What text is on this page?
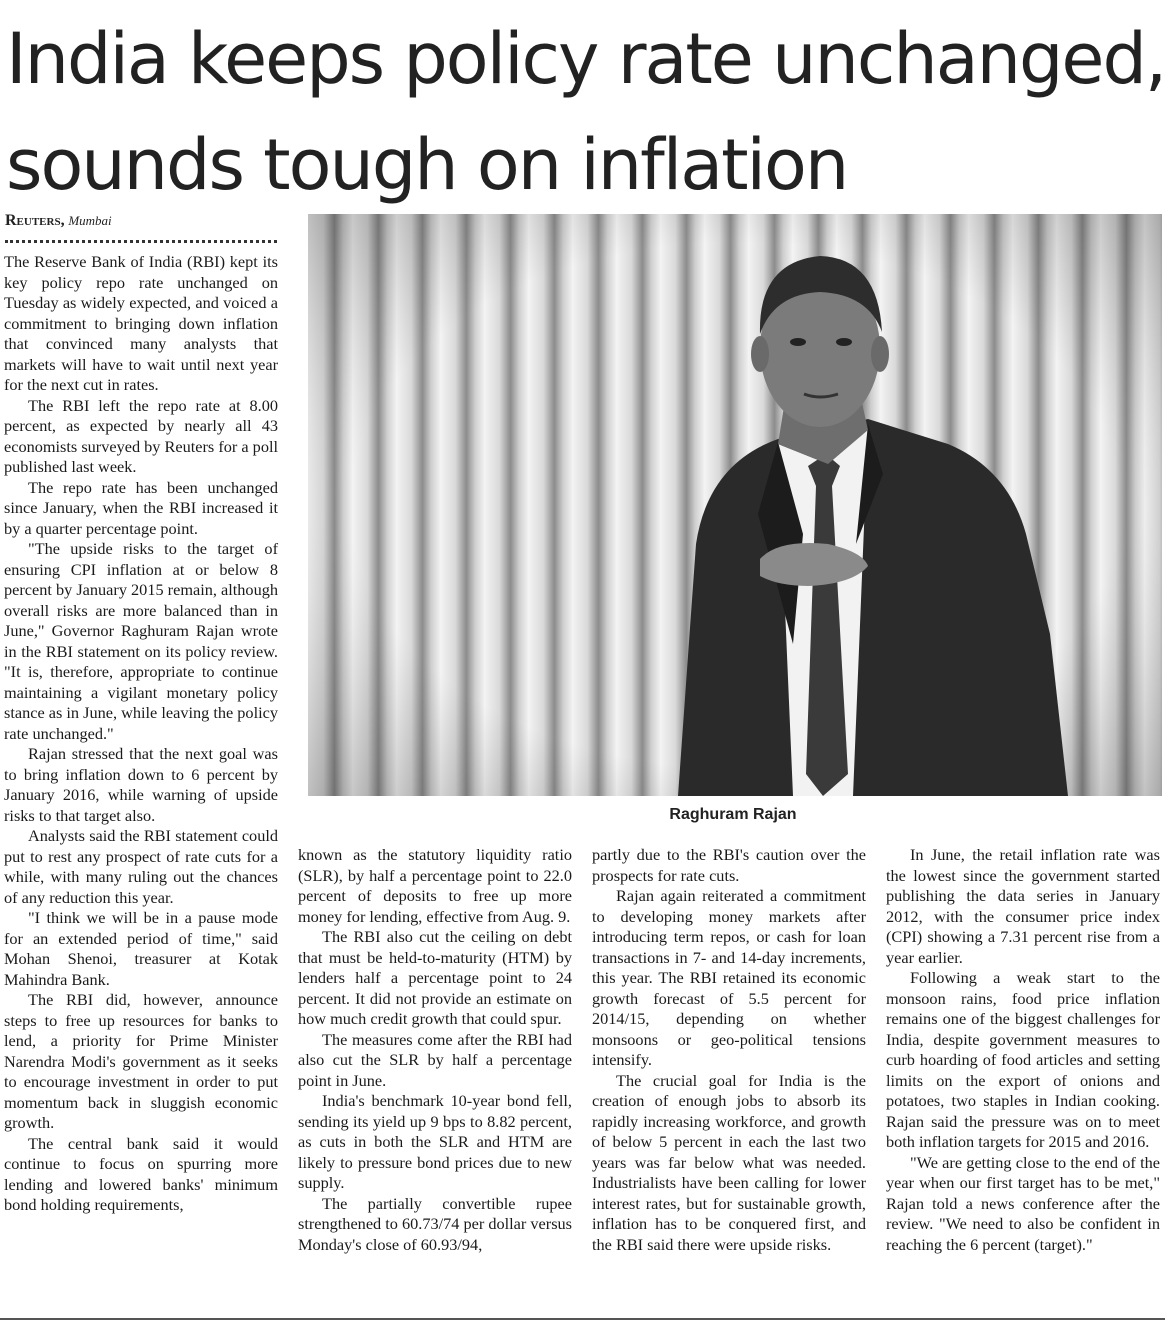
India keeps policy rate unchanged,
sounds tough on inflation
Reuters, Mumbai
Raghuram Rajan

The Reserve Bank of India (RBI) kept its key policy repo rate unchanged on Tuesday as widely expected, and voiced a commitment to bringing down inflation that convinced many analysts that markets will have to wait until next year for the next cut in rates.

The RBI left the repo rate at 8.00 percent, as expected by nearly all 43 economists surveyed by Reuters for a poll published last week.

The repo rate has been unchanged since January, when the RBI increased it by a quarter percentage point.

"The upside risks to the target of ensuring CPI inflation at or below 8 percent by January 2015 remain, although overall risks are more balanced than in June," Governor Raghuram Rajan wrote in the RBI statement on its policy review. "It is, therefore, appropriate to continue maintaining a vigilant monetary policy stance as in June, while leaving the policy rate unchanged."

Rajan stressed that the next goal was to bring inflation down to 6 percent by January 2016, while warning of upside risks to that target also.

Analysts said the RBI statement could put to rest any prospect of rate cuts for a while, with many ruling out the chances of any reduction this year.

"I think we will be in a pause mode for an extended period of time," said Mohan Shenoi, treasurer at Kotak Mahindra Bank.

The RBI did, however, announce steps to free up resources for banks to lend, a priority for Prime Minister Narendra Modi's government as it seeks to encourage investment in order to put momentum back in sluggish economic growth.

The central bank said it would continue to focus on spurring more lending and lowered banks' minimum bond holding requirements,

known as the statutory liquidity ratio (SLR), by half a percentage point to 22.0 percent of deposits to free up more money for lending, effective from Aug. 9.

The RBI also cut the ceiling on debt that must be held-to-maturity (HTM) by lenders half a percentage point to 24 percent. It did not provide an estimate on how much credit growth that could spur.

The measures come after the RBI had also cut the SLR by half a percentage point in June.

India's benchmark 10-year bond fell, sending its yield up 9 bps to 8.82 percent, as cuts in both the SLR and HTM are likely to pressure bond prices due to new supply.

The partially convertible rupee strengthened to 60.73/74 per dollar versus Monday's close of 60.93/94,

partly due to the RBI's caution over the prospects for rate cuts.

Rajan again reiterated a commitment to developing money markets after introducing term repos, or cash for loan transactions in 7- and 14-day increments, this year. The RBI retained its economic growth forecast of 5.5 percent for 2014/15, depending on whether monsoons or geo-political tensions intensify.

The crucial goal for India is the creation of enough jobs to absorb its rapidly increasing workforce, and growth of below 5 percent in each the last two years was far below what was needed. Industrialists have been calling for lower interest rates, but for sustainable growth, inflation has to be conquered first, and the RBI said there were upside risks.

In June, the retail inflation rate was the lowest since the government started publishing the data series in January 2012, with the consumer price index (CPI) showing a 7.31 percent rise from a year earlier.

Following a weak start to the monsoon rains, food price inflation remains one of the biggest challenges for India, despite government measures to curb hoarding of food articles and setting limits on the export of onions and potatoes, two staples in Indian cooking. Rajan said the pressure was on to meet both inflation targets for 2015 and 2016.

"We are getting close to the end of the year when our first target has to be met," Rajan told a news conference after the review. "We need to also be confident in reaching the 6 percent (target)."
